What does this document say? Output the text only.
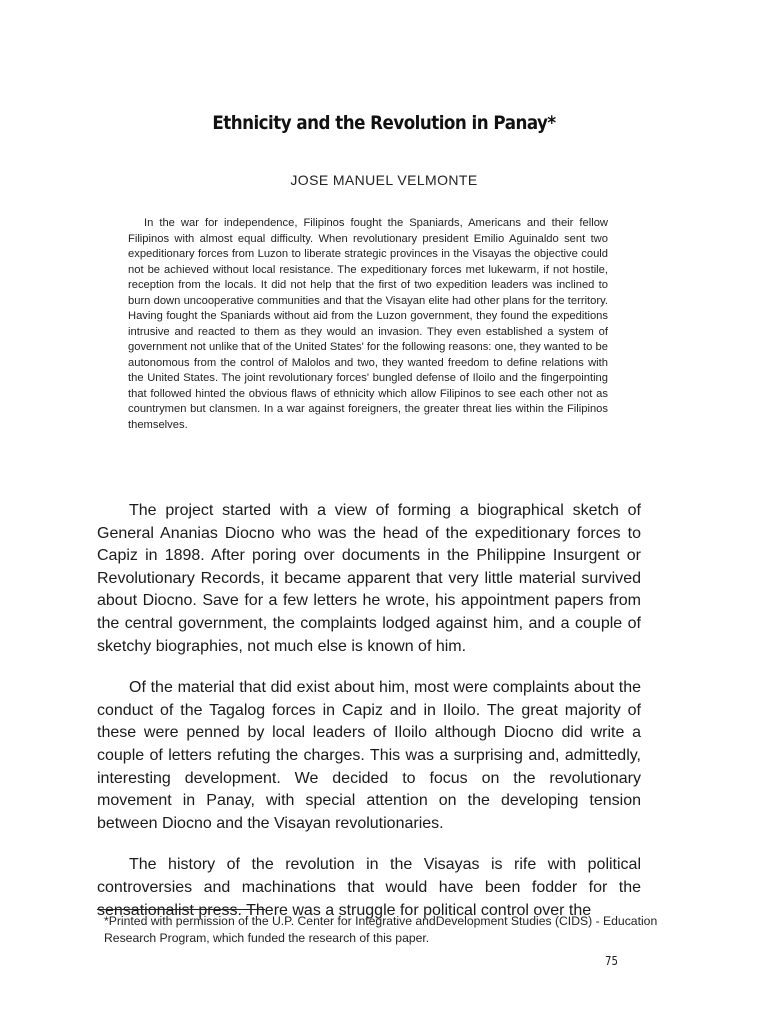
Ethnicity and the Revolution in Panay*

JOSE MANUEL VELMONTE

In the war for independence, Filipinos fought the Spaniards, Americans and their fellow Filipinos with almost equal difficulty. When revolutionary president Emilio Aguinaldo sent two expeditionary forces from Luzon to liberate strategic provinces in the Visayas the objective could not be achieved without local resistance. The expeditionary forces met lukewarm, if not hostile, reception from the locals. It did not help that the first of two expedition leaders was inclined to burn down uncooperative communities and that the Visayan elite had other plans for the territory. Having fought the Spaniards without aid from the Luzon government, they found the expeditions intrusive and reacted to them as they would an invasion. They even established a system of government not unlike that of the United States' for the following reasons: one, they wanted to be autonomous from the control of Malolos and two, they wanted freedom to define relations with the United States. The joint revolutionary forces' bungled defense of Iloilo and the fingerpointing that followed hinted the obvious flaws of ethnicity which allow Filipinos to see each other not as countrymen but clansmen. In a war against foreigners, the greater threat lies within the Filipinos themselves.

The project started with a view of forming a biographical sketch of General Ananias Diocno who was the head of the expeditionary forces to Capiz in 1898. After poring over documents in the Philippine Insurgent or Revolutionary Records, it became apparent that very little material survived about Diocno. Save for a few letters he wrote, his appointment papers from the central government, the complaints lodged against him, and a couple of sketchy biographies, not much else is known of him.

Of the material that did exist about him, most were complaints about the conduct of the Tagalog forces in Capiz and in Iloilo. The great majority of these were penned by local leaders of Iloilo although Diocno did write a couple of letters refuting the charges. This was a surprising and, admittedly, interesting development. We decided to focus on the revolutionary movement in Panay, with special attention on the developing tension between Diocno and the Visayan revolutionaries.

The history of the revolution in the Visayas is rife with political controversies and machinations that would have been fodder for the sensationalist press. There was a struggle for political control over the

*Printed with permission of the U.P. Center for Integrative andDevelopment Studies (CIDS) - Education Research Program, which funded the research of this paper.

75
